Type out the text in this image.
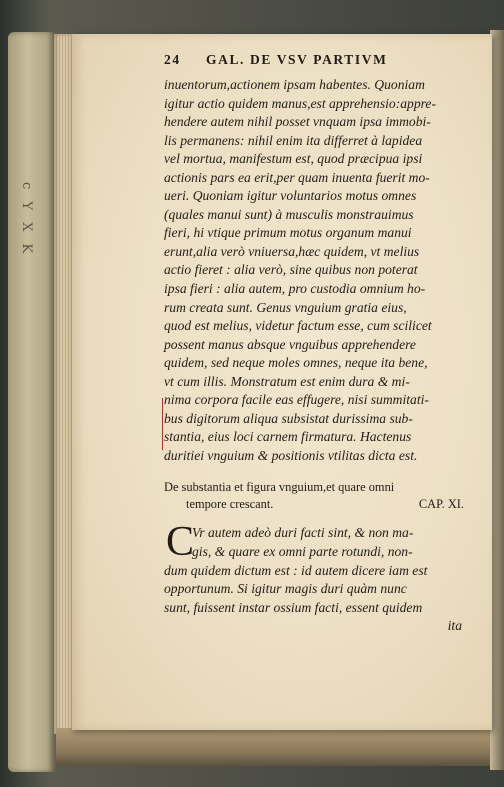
c Y X K
24 GAL. DE VSV PARTIVM
inuentorum,actionem ipsam habentes. Quoniam
igitur actio quidem manus,est apprehensio:appre-
hendere autem nihil posset vnquam ipsa immobi-
lis permanens: nihil enim ita differret à lapidea
vel mortua, manifestum est, quod præcipua ipsi
actionis pars ea erit,per quam inuenta fuerit mo-
ueri. Quoniam igitur voluntarios motus omnes
(quales manui sunt) à musculis monstrauimus
fieri, hi vtique primum motus organum manui
erunt,alia verò vniuersa,hæc quidem, vt melius
actio fieret : alia verò, sine quibus non poterat
ipsa fieri : alia autem, pro custodia omnium ho-
rum creata sunt. Genus vnguium gratia eius,
quod est melius, videtur factum esse, cum scilicet
possent manus absque vnguibus apprehendere
quidem, sed neque moles omnes, neque ita bene,
vt cum illis. Monstratum est enim dura & mi-
nima corpora facile eas effugere, nisi summitati-
bus digitorum aliqua subsistat durissima sub-
stantia, eius loci carnem firmatura. Hactenus
duritiei vnguium & positionis vtilitas dicta est.
De substantia et figura vnguium,et quare omni
tempore crescant.	CAP. XI.
C
Vr autem adeò duri facti sint, & non ma-
gis, & quare ex omni parte rotundi, non-
dum quidem dictum est : id autem dicere iam est
opportunum. Si igitur magis duri quàm nunc
sunt, fuissent instar ossium facti, essent quidem
ita
